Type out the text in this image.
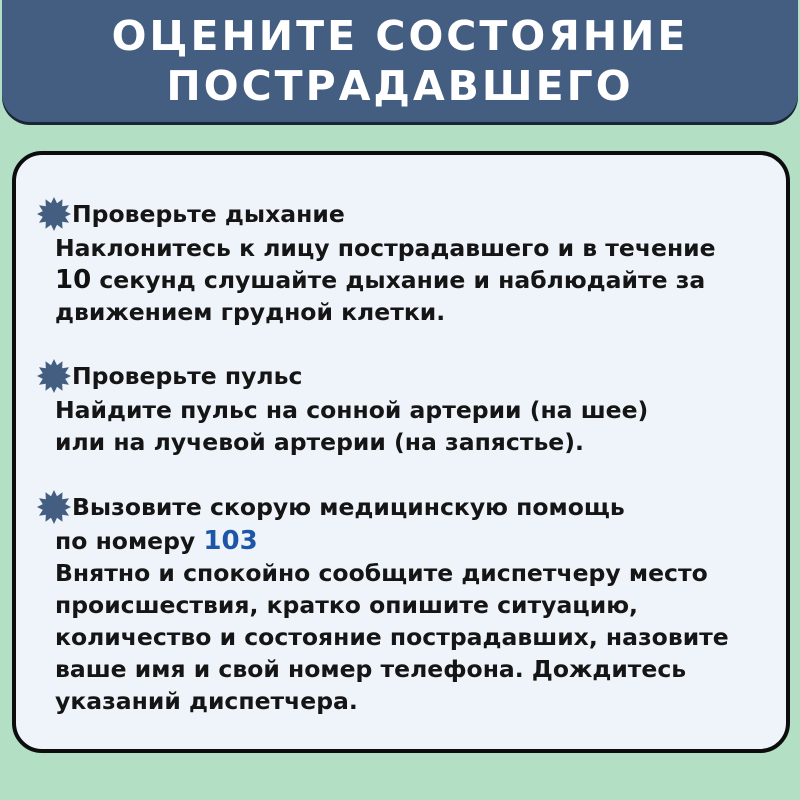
ОЦЕНИТЕ СОСТОЯНИЕ
ПОСТРАДАВШЕГО
Проверьте дыхание
Наклонитесь к лицу пострадавшего и в течение
10 секунд слушайте дыхание и наблюдайте за
движением грудной клетки.
Проверьте пульс
Найдите пульс на сонной артерии (на шее)
или на лучевой артерии (на запястье).
Вызовите скорую медицинскую помощь
по номеру 103
Внятно и спокойно сообщите диспетчеру место
происшествия, кратко опишите ситуацию,
количество и состояние пострадавших, назовите
ваше имя и свой номер телефона. Дождитесь
указаний диспетчера.
